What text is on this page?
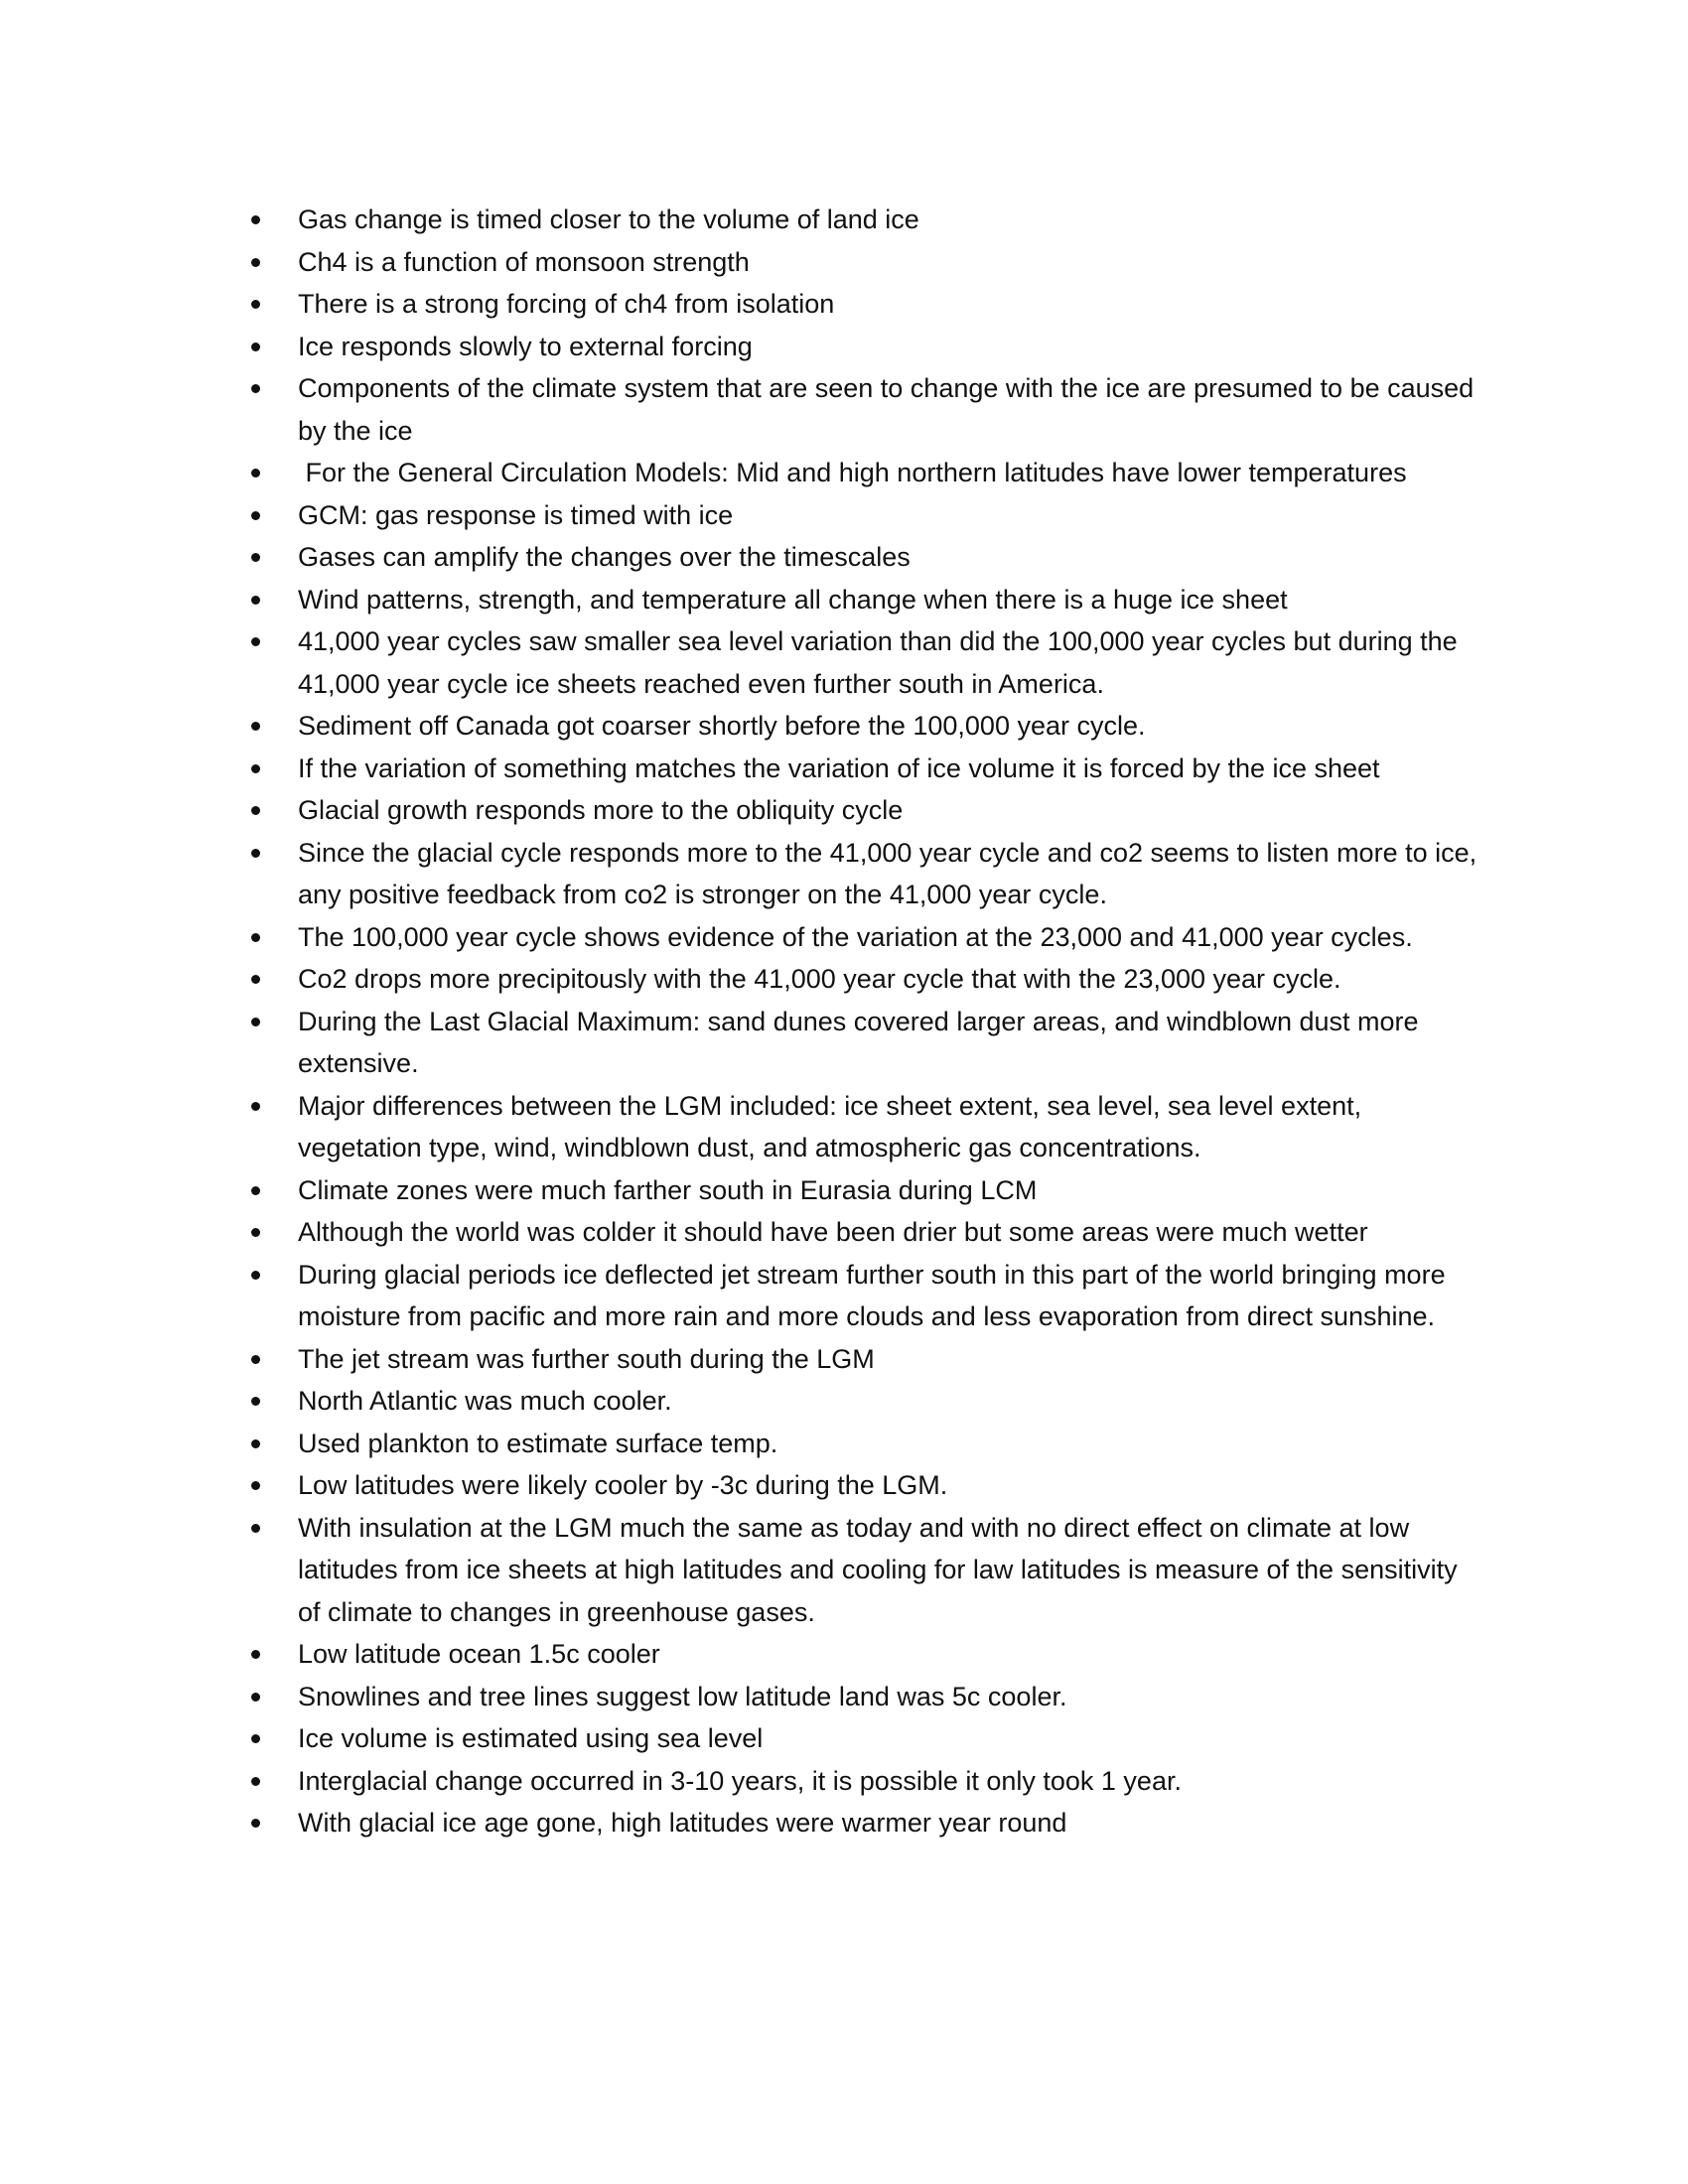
Gas change is timed closer to the volume of land ice
Ch4 is a function of monsoon strength
There is a strong forcing of ch4 from isolation
Ice responds slowly to external forcing
Components of the climate system that are seen to change with the ice are presumed to be caused by the ice
For the General Circulation Models: Mid and high northern latitudes have lower temperatures
GCM: gas response is timed with ice
Gases can amplify the changes over the timescales
Wind patterns, strength, and temperature all change when there is a huge ice sheet
41,000 year cycles saw smaller sea level variation than did the 100,000 year cycles but during the 41,000 year cycle ice sheets reached even further south in America.
Sediment off Canada got coarser shortly before the 100,000 year cycle.
If the variation of something matches the variation of ice volume it is forced by the ice sheet
Glacial growth responds more to the obliquity cycle
Since the glacial cycle responds more to the 41,000 year cycle and co2 seems to listen more to ice, any positive feedback from co2 is stronger on the 41,000 year cycle.
The 100,000 year cycle shows evidence of the variation at the 23,000 and 41,000 year cycles.
Co2 drops more precipitously with the 41,000 year cycle that with the 23,000 year cycle.
During the Last Glacial Maximum: sand dunes covered larger areas, and windblown dust more extensive.
Major differences between the LGM included: ice sheet extent, sea level, sea level extent, vegetation type, wind, windblown dust, and atmospheric gas concentrations.
Climate zones were much farther south in Eurasia during LCM
Although the world was colder it should have been drier but some areas were much wetter
During glacial periods ice deflected jet stream further south in this part of the world bringing more moisture from pacific and more rain and more clouds and less evaporation from direct sunshine.
The jet stream was further south during the LGM
North Atlantic was much cooler.
Used plankton to estimate surface temp.
Low latitudes were likely cooler by -3c during the LGM.
With insulation at the LGM much the same as today and with no direct effect on climate at low latitudes from ice sheets at high latitudes and cooling for law latitudes is measure of the sensitivity of climate to changes in greenhouse gases.
Low latitude ocean 1.5c cooler
Snowlines and tree lines suggest low latitude land was 5c cooler.
Ice volume is estimated using sea level
Interglacial change occurred in 3-10 years, it is possible it only took 1 year.
With glacial ice age gone, high latitudes were warmer year round
